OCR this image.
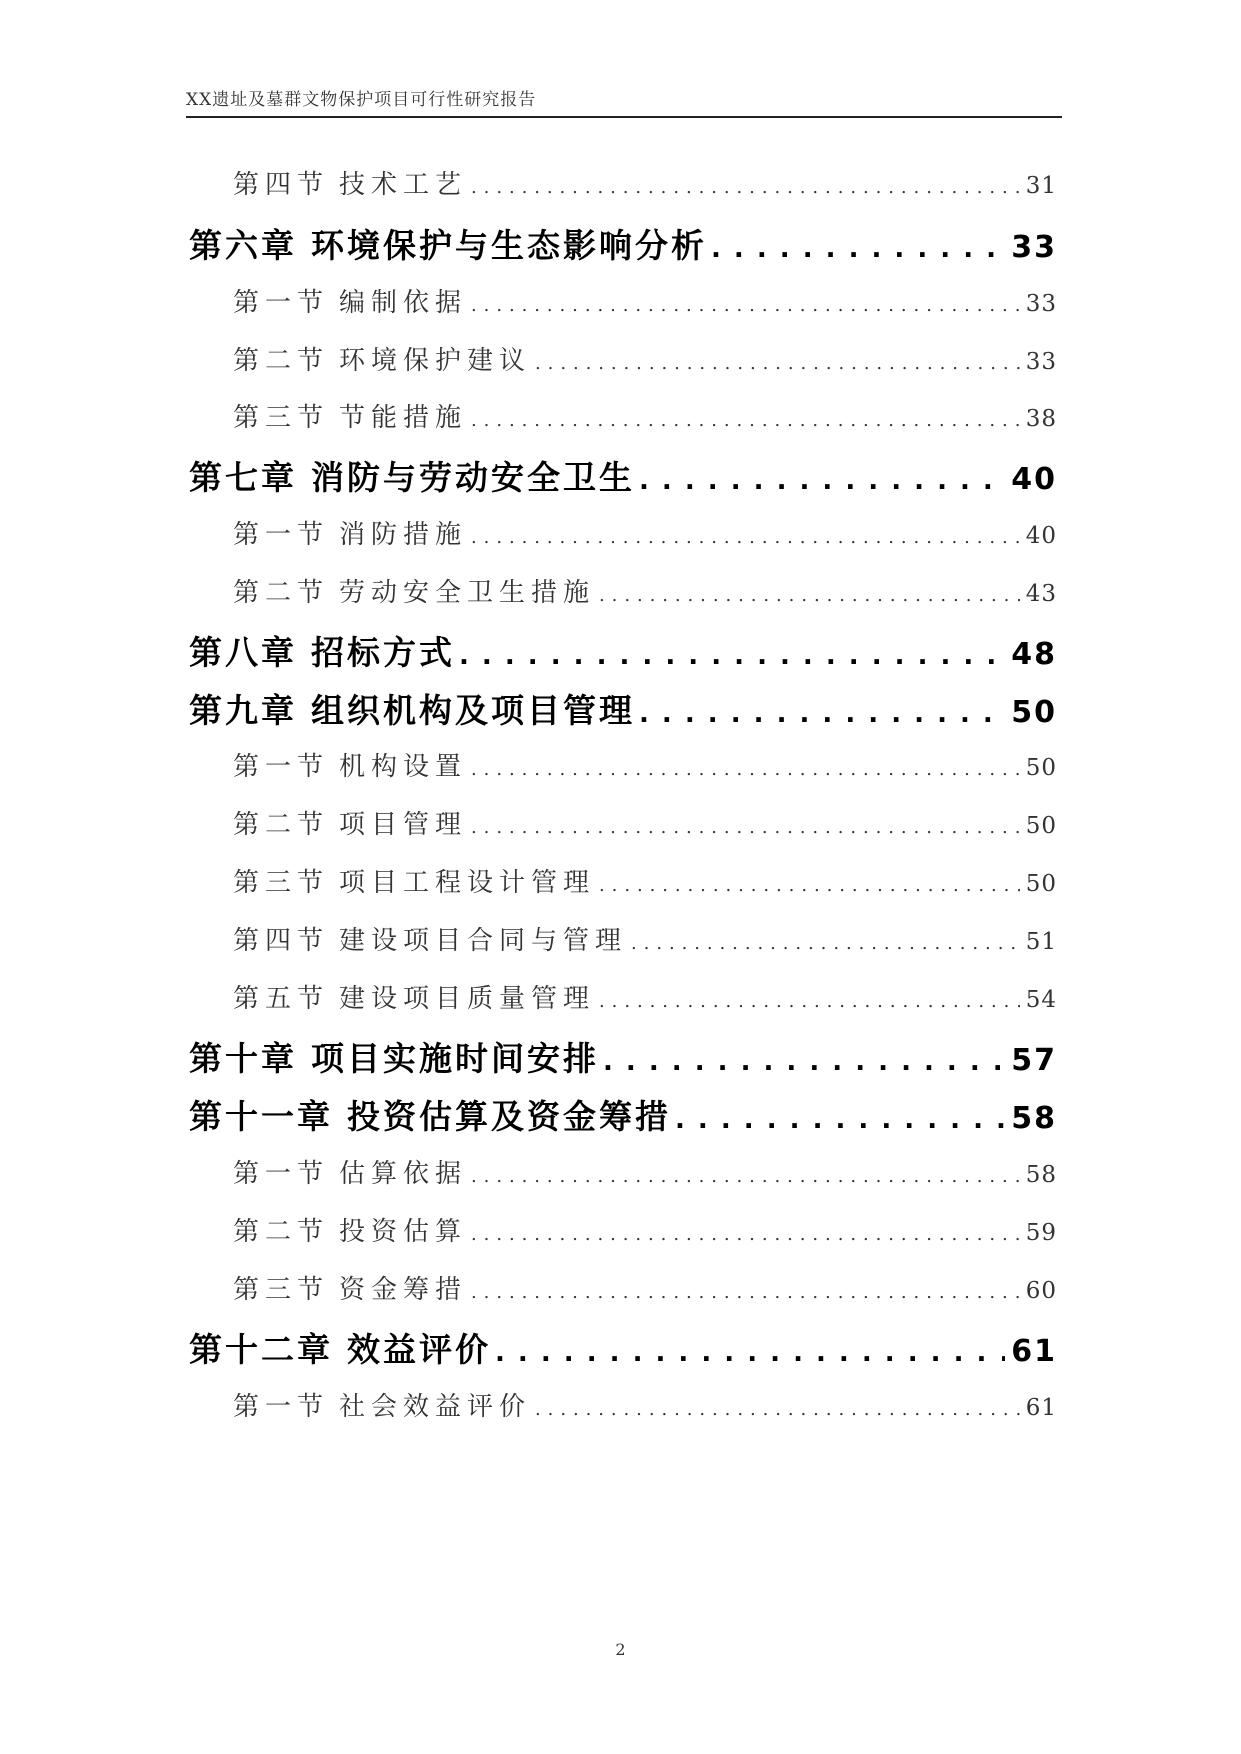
XX遗址及墓群文物保护项目可行性研究报告
第四节 技术工艺 . . .	31
第六章 环境保护与生态影响分析 . . .	33
第一节 编制依据 . . .	33
第二节 环境保护建议 . . .	33
第三节 节能措施 . . .	38
第七章 消防与劳动安全卫生 . . .	40
第一节 消防措施 . . .	40
第二节 劳动安全卫生措施 . . .	43
第八章 招标方式 . . .	48
第九章 组织机构及项目管理 . . .	50
第一节 机构设置 . . .	50
第二节 项目管理 . . .	50
第三节 项目工程设计管理 . . .	50
第四节 建设项目合同与管理 . . .	51
第五节 建设项目质量管理 . . .	54
第十章 项目实施时间安排 . . .	57
第十一章 投资估算及资金筹措 . . .	58
第一节 估算依据 . . .	58
第二节 投资估算 . . .	59
第三节 资金筹措 . . .	60
第十二章 效益评价 . . .	61
第一节 社会效益评价 . . .	61
2
